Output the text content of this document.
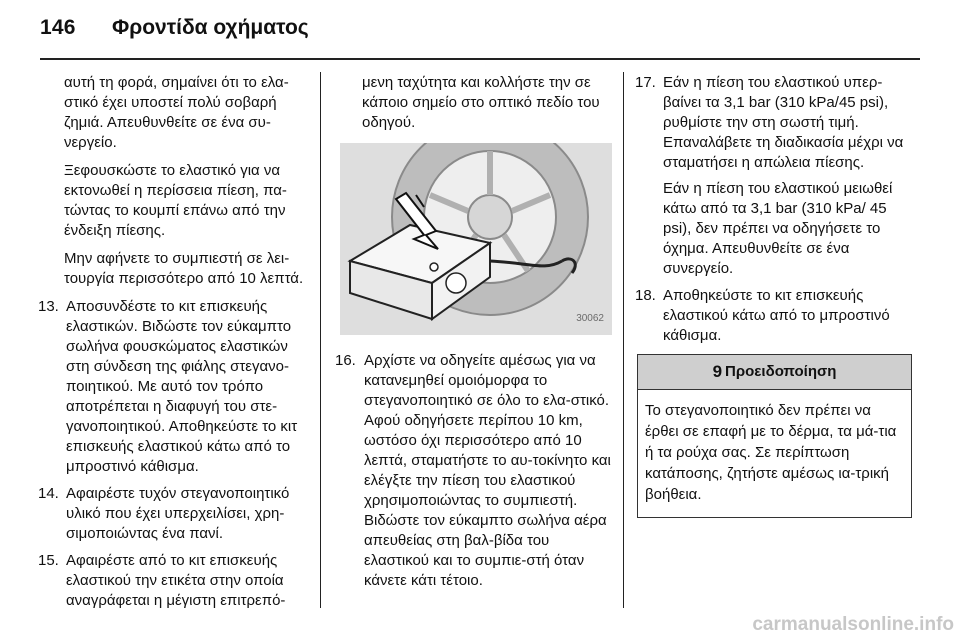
146 Φροντίδα οχήματος

αυτή τη φορά, σημαίνει ότι το ελα-στικό έχει υποστεί πολύ σοβαρή ζημιά. Απευθυνθείτε σε ένα συ-νεργείο.

Ξεφουσκώστε το ελαστικό για να εκτονωθεί η περίσσεια πίεση, πα-τώντας το κουμπί επάνω από την ένδειξη πίεσης.

Μην αφήνετε το συμπιεστή σε λει-τουργία περισσότερο από 10 λεπτά.

13. Αποσυνδέστε το κιτ επισκευής ελαστικών. Βιδώστε τον εύκαμπτο σωλήνα φουσκώματος ελαστικών στη σύνδεση της φιάλης στεγανο-ποιητικού. Με αυτό τον τρόπο αποτρέπεται η διαφυγή του στε-γανοποιητικού. Αποθηκεύστε το κιτ επισκευής ελαστικού κάτω από το μπροστινό κάθισμα.
14. Αφαιρέστε τυχόν στεγανοποιητικό υλικό που έχει υπερχειλίσει, χρη-σιμοποιώντας ένα πανί.
15. Αφαιρέστε από το κιτ επισκευής ελαστικού την ετικέτα στην οποία αναγράφεται η μέγιστη επιτρεπό-

μενη ταχύτητα και κολλήστε την σε κάποιο σημείο στο οπτικό πεδίο του οδηγού.

30062
16. Αρχίστε να οδηγείτε αμέσως για να κατανεμηθεί ομοιόμορφα το στεγανοποιητικό σε όλο το ελα-στικό. Αφού οδηγήσετε περίπου 10 km, ωστόσο όχι περισσότερο από 10 λεπτά, σταματήστε το αυ-τοκίνητο και ελέγξτε την πίεση του ελαστικού χρησιμοποιώντας το συμπιεστή. Βιδώστε τον εύκαμπτο σωλήνα αέρα απευθείας στη βαλ-βίδα του ελαστικού και το συμπιε-στή όταν κάνετε κάτι τέτοιο.
17. Εάν η πίεση του ελαστικού υπερ-βαίνει τα 3,1 bar (310 kPa/45 psi), ρυθμίστε την στη σωστή τιμή. Επαναλάβετε τη διαδικασία μέχρι να σταματήσει η απώλεια πίεσης.
Εάν η πίεση του ελαστικού μειωθεί κάτω από τα 3,1 bar (310 kPa/ 45 psi), δεν πρέπει να οδηγήσετε το όχημα. Απευθυνθείτε σε ένα συνεργείο.
18. Αποθηκεύστε το κιτ επισκευής ελαστικού κάτω από το μπροστινό κάθισμα.
9 Προειδοποίηση
Το στεγανοποιητικό δεν πρέπει να έρθει σε επαφή με το δέρμα, τα μά-τια ή τα ρούχα σας. Σε περίπτωση κατάποσης, ζητήστε αμέσως ια-τρική βοήθεια.
carmanualsonline.info
